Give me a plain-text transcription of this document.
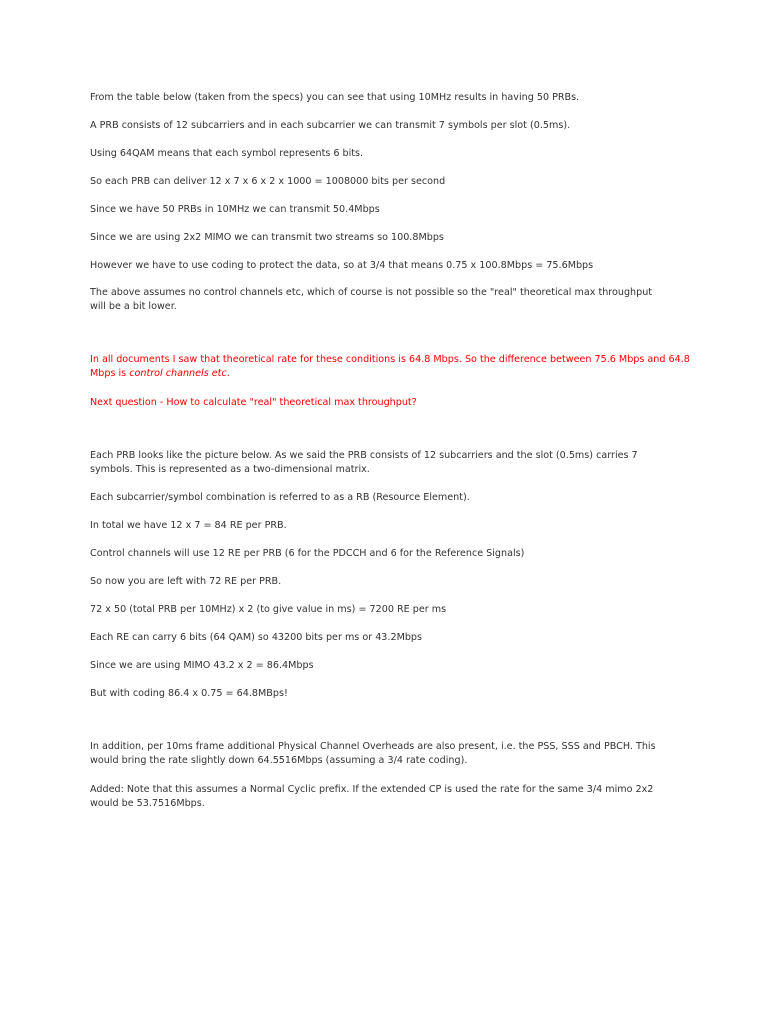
From the table below (taken from the specs) you can see that using 10MHz results in having 50 PRBs.

A PRB consists of 12 subcarriers and in each subcarrier we can transmit 7 symbols per slot (0.5ms).

Using 64QAM means that each symbol represents 6 bits.

So each PRB can deliver 12 x 7 x 6 x 2 x 1000 = 1008000 bits per second

Since we have 50 PRBs in 10MHz we can transmit 50.4Mbps

Since we are using 2x2 MIMO we can transmit two streams so 100.8Mbps

However we have to use coding to protect the data, so at 3/4 that means 0.75 x 100.8Mbps = 75.6Mbps

The above assumes no control channels etc, which of course is not possible so the "real" theoretical max throughput will be a bit lower.

In all documents I saw that theoretical rate for these conditions is 64.8 Mbps. So the difference between 75.6 Mbps and 64.8 Mbps is control channels etc.

Next question - How to calculate "real" theoretical max throughput?

Each PRB looks like the picture below. As we said the PRB consists of 12 subcarriers and the slot (0.5ms) carries 7 symbols. This is represented as a two-dimensional matrix.

Each subcarrier/symbol combination is referred to as a RB (Resource Element).

In total we have 12 x 7 = 84 RE per PRB.

Control channels will use 12 RE per PRB (6 for the PDCCH and 6 for the Reference Signals)

So now you are left with 72 RE per PRB.

72 x 50 (total PRB per 10MHz) x 2 (to give value in ms) = 7200 RE per ms

Each RE can carry 6 bits (64 QAM) so 43200 bits per ms or 43.2Mbps

Since we are using MIMO 43.2 x 2 = 86.4Mbps

But with coding 86.4 x 0.75 = 64.8MBps!

In addition, per 10ms frame additional Physical Channel Overheads are also present, i.e. the PSS, SSS and PBCH. This would bring the rate slightly down 64.5516Mbps (assuming a 3/4 rate coding).

Added: Note that this assumes a Normal Cyclic prefix. If the extended CP is used the rate for the same 3/4 mimo 2x2 would be 53.7516Mbps.
